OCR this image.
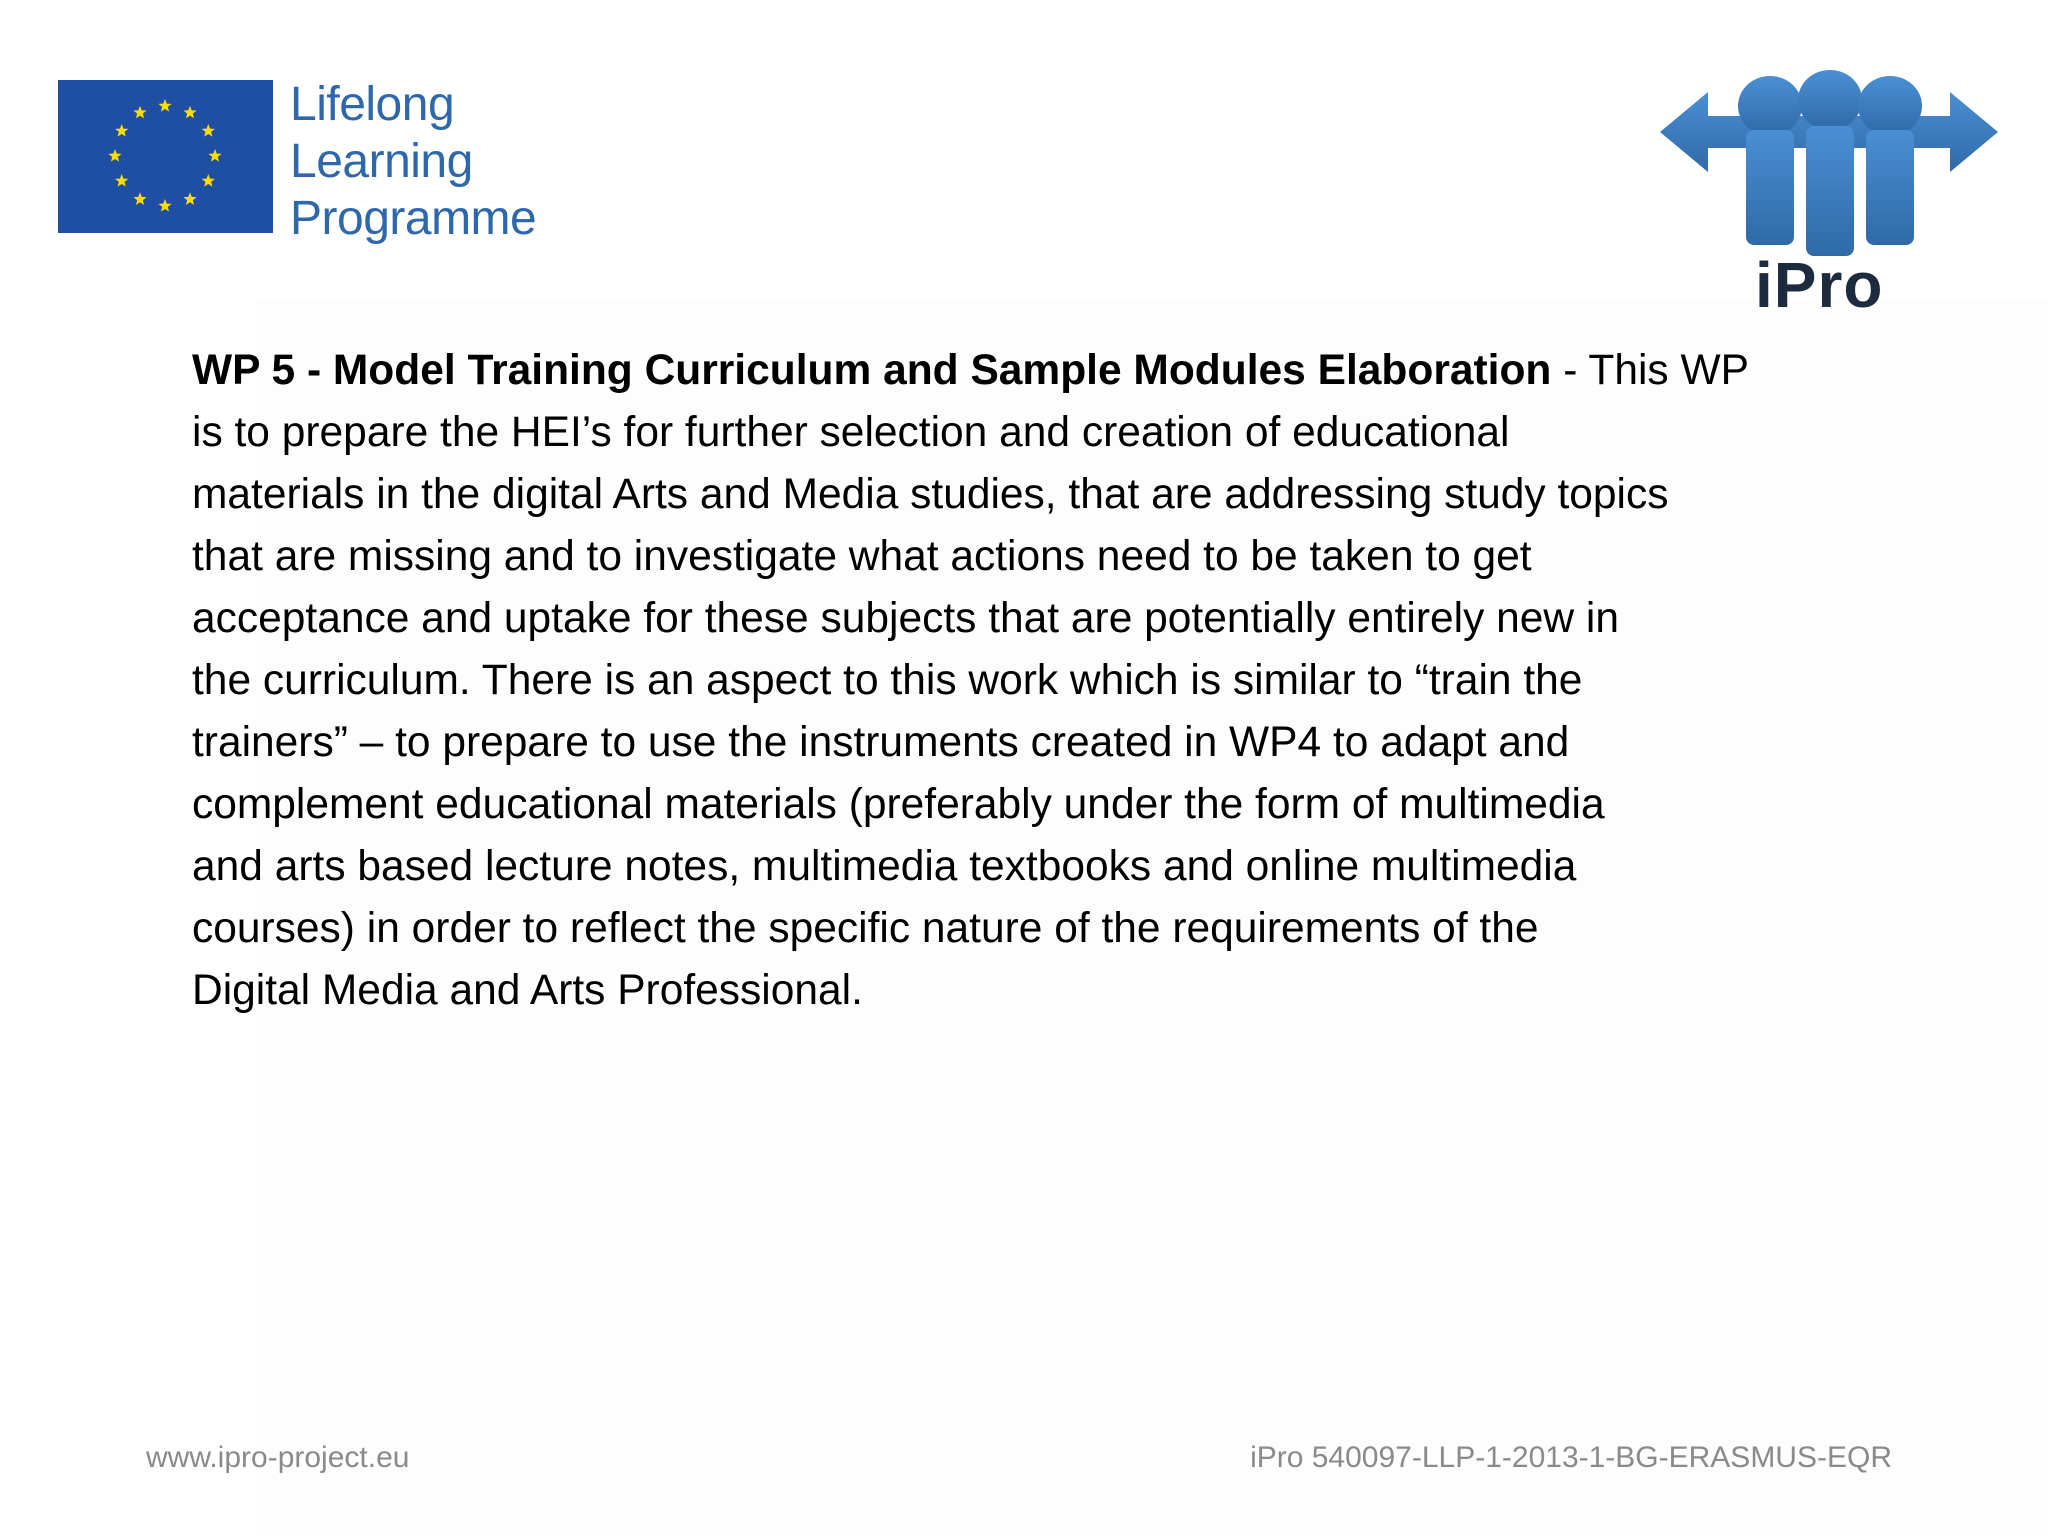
Lifelong
Learning
Programme
iPro
WP 5 - Model Training Curriculum and Sample Modules Elaboration - This WP
is to prepare the HEI’s for further selection and creation of educational
materials in the digital Arts and Media studies, that are addressing study topics
that are missing and to investigate what actions need to be taken to get
acceptance and uptake for these subjects that are potentially entirely new in
the curriculum. There is an aspect to this work which is similar to “train the
trainers” – to prepare to use the instruments created in WP4 to adapt and
complement educational materials (preferably under the form of multimedia
and arts based lecture notes, multimedia textbooks and online multimedia
courses) in order to reflect the specific nature of the requirements of the
Digital Media and Arts Professional.
www.ipro-project.eu	iPro 540097-LLP-1-2013-1-BG-ERASMUS-EQR
